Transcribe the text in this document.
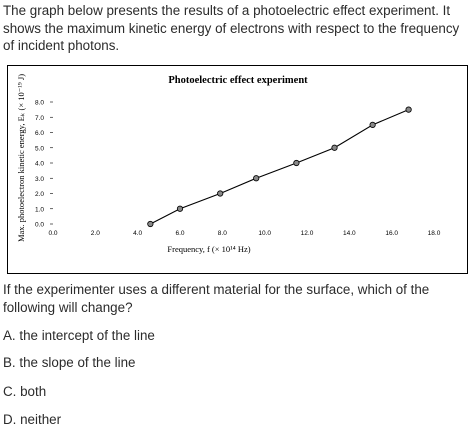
The graph below presents the results of a photoelectric effect experiment. It shows the maximum kinetic energy of electrons with respect to the frequency of incident photons.
Photoelectric effect experiment
0.0
1.0
2.0
3.0
4.0
5.0
6.0
7.0
8.0
0.0	2.0	4.0	6.0	8.0	10.0	12.0	14.0	16.0	18.0
Frequency, f (× 10¹⁴ Hz)
Max. photoelectron kinetic energy, Eₖ (× 10⁻¹⁹ J)
If the experimenter uses a different material for the surface, which of the following will change?
A. the intercept of the line
B. the slope of the line
C. both
D. neither
